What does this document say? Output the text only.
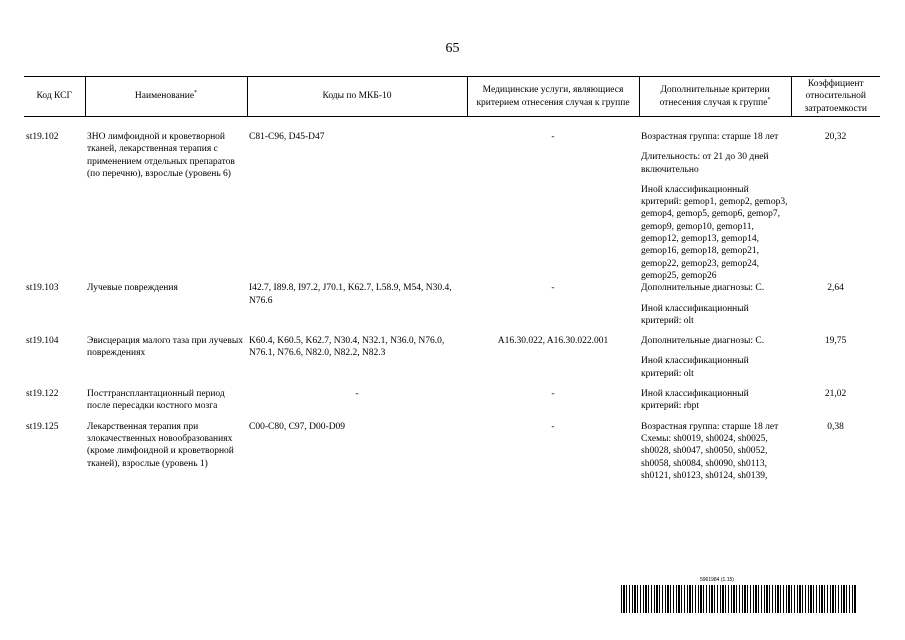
65
Код КСГ	Наименование*	Коды по МКБ-10	Медицинские услуги, являющиеся критерием отнесения случая к группе	Дополнительные критерии отнесения случая к группе*	Коэффициент относительной затратоемкости
st19.102	ЗНО лимфоидной и кроветворной тканей, лекарственная терапия с применением отдельных препаратов (по перечню), взрослые (уровень 6)	C81-C96, D45-D47	-	Возрастная группа: старше 18 лет
Длительность: от 21 до 30 дней включительно
Иной классификационный критерий: gemop1, gemop2, gemop3, gemop4, gemop5, gemop6, gemop7, gemop9, gemop10, gemop11, gemop12, gemop13, gemop14, gemop16, gemop18, gemop21, gemop22, gemop23, gemop24, gemop25, gemop26	20,32
st19.103	Лучевые повреждения	I42.7, I89.8, I97.2, J70.1, K62.7, L58.9, M54, N30.4, N76.6	-	Дополнительные диагнозы: С.
Иной классификационный критерий: olt	2,64
st19.104	Эвисцерация малого таза при лучевых повреждениях	K60.4, K60.5, K62.7, N30.4, N32.1, N36.0, N76.0, N76.1, N76.6, N82.0, N82.2, N82.3	A16.30.022, A16.30.022.001	Дополнительные диагнозы: С.
Иной классификационный критерий: olt	19,75
st19.122	Посттрансплантационный период после пересадки костного мозга	-	-	Иной классификационный критерий: rbpt	21,02
st19.125	Лекарственная терапия при злокачественных новообразованиях (кроме лимфоидной и кроветворной тканей), взрослые (уровень 1)	C00-C80, C97, D00-D09	-	Возрастная группа: старше 18 лет
Схемы: sh0019, sh0024, sh0025, sh0028, sh0047, sh0050, sh0052, sh0058, sh0084, sh0090, sh0113, sh0121, sh0123, sh0124, sh0139,	0,38
5961984 (1.15)
